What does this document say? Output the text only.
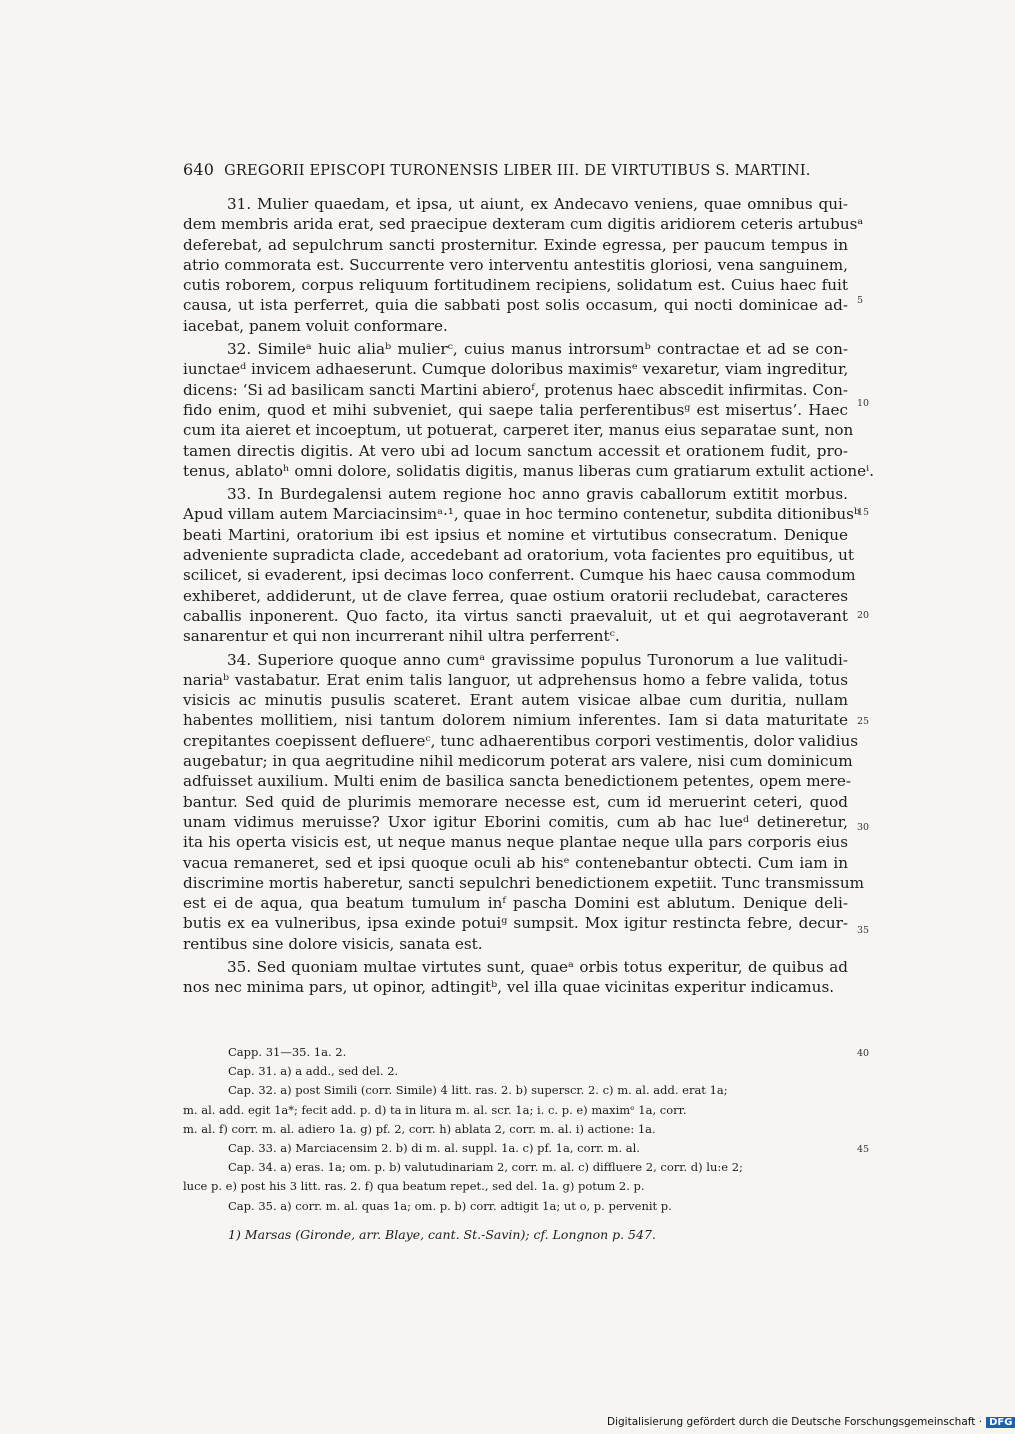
640 GREGORII EPISCOPI TURONENSIS LIBER III. DE VIRTUTIBUS S. MARTINI.
31. Mulier quaedam, et ipsa, ut aiunt, ex Andecavo veniens, quae omnibus qui-
dem membris arida erat, sed praecipue dexteram cum digitis aridiorem ceteris artubusᵃ
deferebat, ad sepulchrum sancti prosternitur. Exinde egressa, per paucum tempus in
atrio commorata est. Succurrente vero interventu antestitis gloriosi, vena sanguinem,
cutis roborem, corpus reliquum fortitudinem recipiens, solidatum est. Cuius haec fuit
causa, ut ista perferret, quia die sabbati post solis occasum, qui nocti dominicae ad-
iacebat, panem voluit conformare.
32. Simileᵃ huic aliaᵇ mulierᶜ, cuius manus introrsumᵇ contractae et ad se con-
iunctaeᵈ invicem adhaeserunt. Cumque doloribus maximisᵉ vexaretur, viam ingreditur,
dicens: ‘Si ad basilicam sancti Martini abieroᶠ, protenus haec abscedit infirmitas. Con-
fido enim, quod et mihi subveniet, qui saepe talia perferentibusᵍ est misertus’. Haec
cum ita aieret et incoeptum, ut potuerat, carperet iter, manus eius separatae sunt, non
tamen directis digitis. At vero ubi ad locum sanctum accessit et orationem fudit, pro-
tenus, ablatoʰ omni dolore, solidatis digitis, manus liberas cum gratiarum extulit actioneⁱ.
33. In Burdegalensi autem regione hoc anno gravis caballorum extitit morbus.
Apud villam autem Marciacinsimᵃ·¹, quae in hoc termino contenetur, subdita ditionibusᵇ
beati Martini, oratorium ibi est ipsius et nomine et virtutibus consecratum. Denique
adveniente supradicta clade, accedebant ad oratorium, vota facientes pro equitibus, ut
scilicet, si evaderent, ipsi decimas loco conferrent. Cumque his haec causa commodum
exhiberet, addiderunt, ut de clave ferrea, quae ostium oratorii recludebat, caracteres
caballis inponerent. Quo facto, ita virtus sancti praevaluit, ut et qui aegrotaverant
sanarentur et qui non incurrerant nihil ultra perferrentᶜ.
34. Superiore quoque anno cumᵃ gravissime populus Turonorum a lue valitudi-
nariaᵇ vastabatur. Erat enim talis languor, ut adprehensus homo a febre valida, totus
visicis ac minutis pusulis scateret. Erant autem visicae albae cum duritia, nullam
habentes mollitiem, nisi tantum dolorem nimium inferentes. Iam si data maturitate
crepitantes coepissent defluereᶜ, tunc adhaerentibus corpori vestimentis, dolor validius
augebatur; in qua aegritudine nihil medicorum poterat ars valere, nisi cum dominicum
adfuisset auxilium. Multi enim de basilica sancta benedictionem petentes, opem mere-
bantur. Sed quid de plurimis memorare necesse est, cum id meruerint ceteri, quod
unam vidimus meruisse? Uxor igitur Eborini comitis, cum ab hac lueᵈ detineretur,
ita his operta visicis est, ut neque manus neque plantae neque ulla pars corporis eius
vacua remaneret, sed et ipsi quoque oculi ab hisᵉ contenebantur obtecti. Cum iam in
discrimine mortis haberetur, sancti sepulchri benedictionem expetiit. Tunc transmissum
est ei de aqua, qua beatum tumulum inᶠ pascha Domini est ablutum. Denique deli-
butis ex ea vulneribus, ipsa exinde potuiᵍ sumpsit. Mox igitur restincta febre, decur-
rentibus sine dolore visicis, sanata est.
35. Sed quoniam multae virtutes sunt, quaeᵃ orbis totus experitur, de quibus ad
nos nec minima pars, ut opinor, adtingitᵇ, vel illa quae vicinitas experitur indicamus.
5
10
15
20
25
30
35
40
45
Capp. 31—35. 1a. 2.
Cap. 31. a) a add., sed del. 2.
Cap. 32. a) post Simili (corr. Simile) 4 litt. ras. 2. b) superscr. 2. c) m. al. add. erat 1a;
m. al. add. egit 1a*; fecit add. p. d) ta in litura m. al. scr. 1a; i. c. p. e) maximᵉ 1a, corr.
m. al. f) corr. m. al. adiero 1a. g) pf. 2, corr. h) ablata 2, corr. m. al. i) actione: 1a.
Cap. 33. a) Marciacensim 2. b) di m. al. suppl. 1a. c) pf. 1a, corr. m. al.
Cap. 34. a) eras. 1a; om. p. b) valutudinariam 2, corr. m. al. c) diffluere 2, corr. d) lu:e 2;
luce p. e) post his 3 litt. ras. 2. f) qua beatum repet., sed del. 1a. g) potum 2. p.
Cap. 35. a) corr. m. al. quas 1a; om. p. b) corr. adtigit 1a; ut o, p. pervenit p.
1) Marsas (Gironde, arr. Blaye, cant. St.-Savin); cf. Longnon p. 547.
Digitalisierung gefördert durch die Deutsche Forschungsgemeinschaft · DFG
